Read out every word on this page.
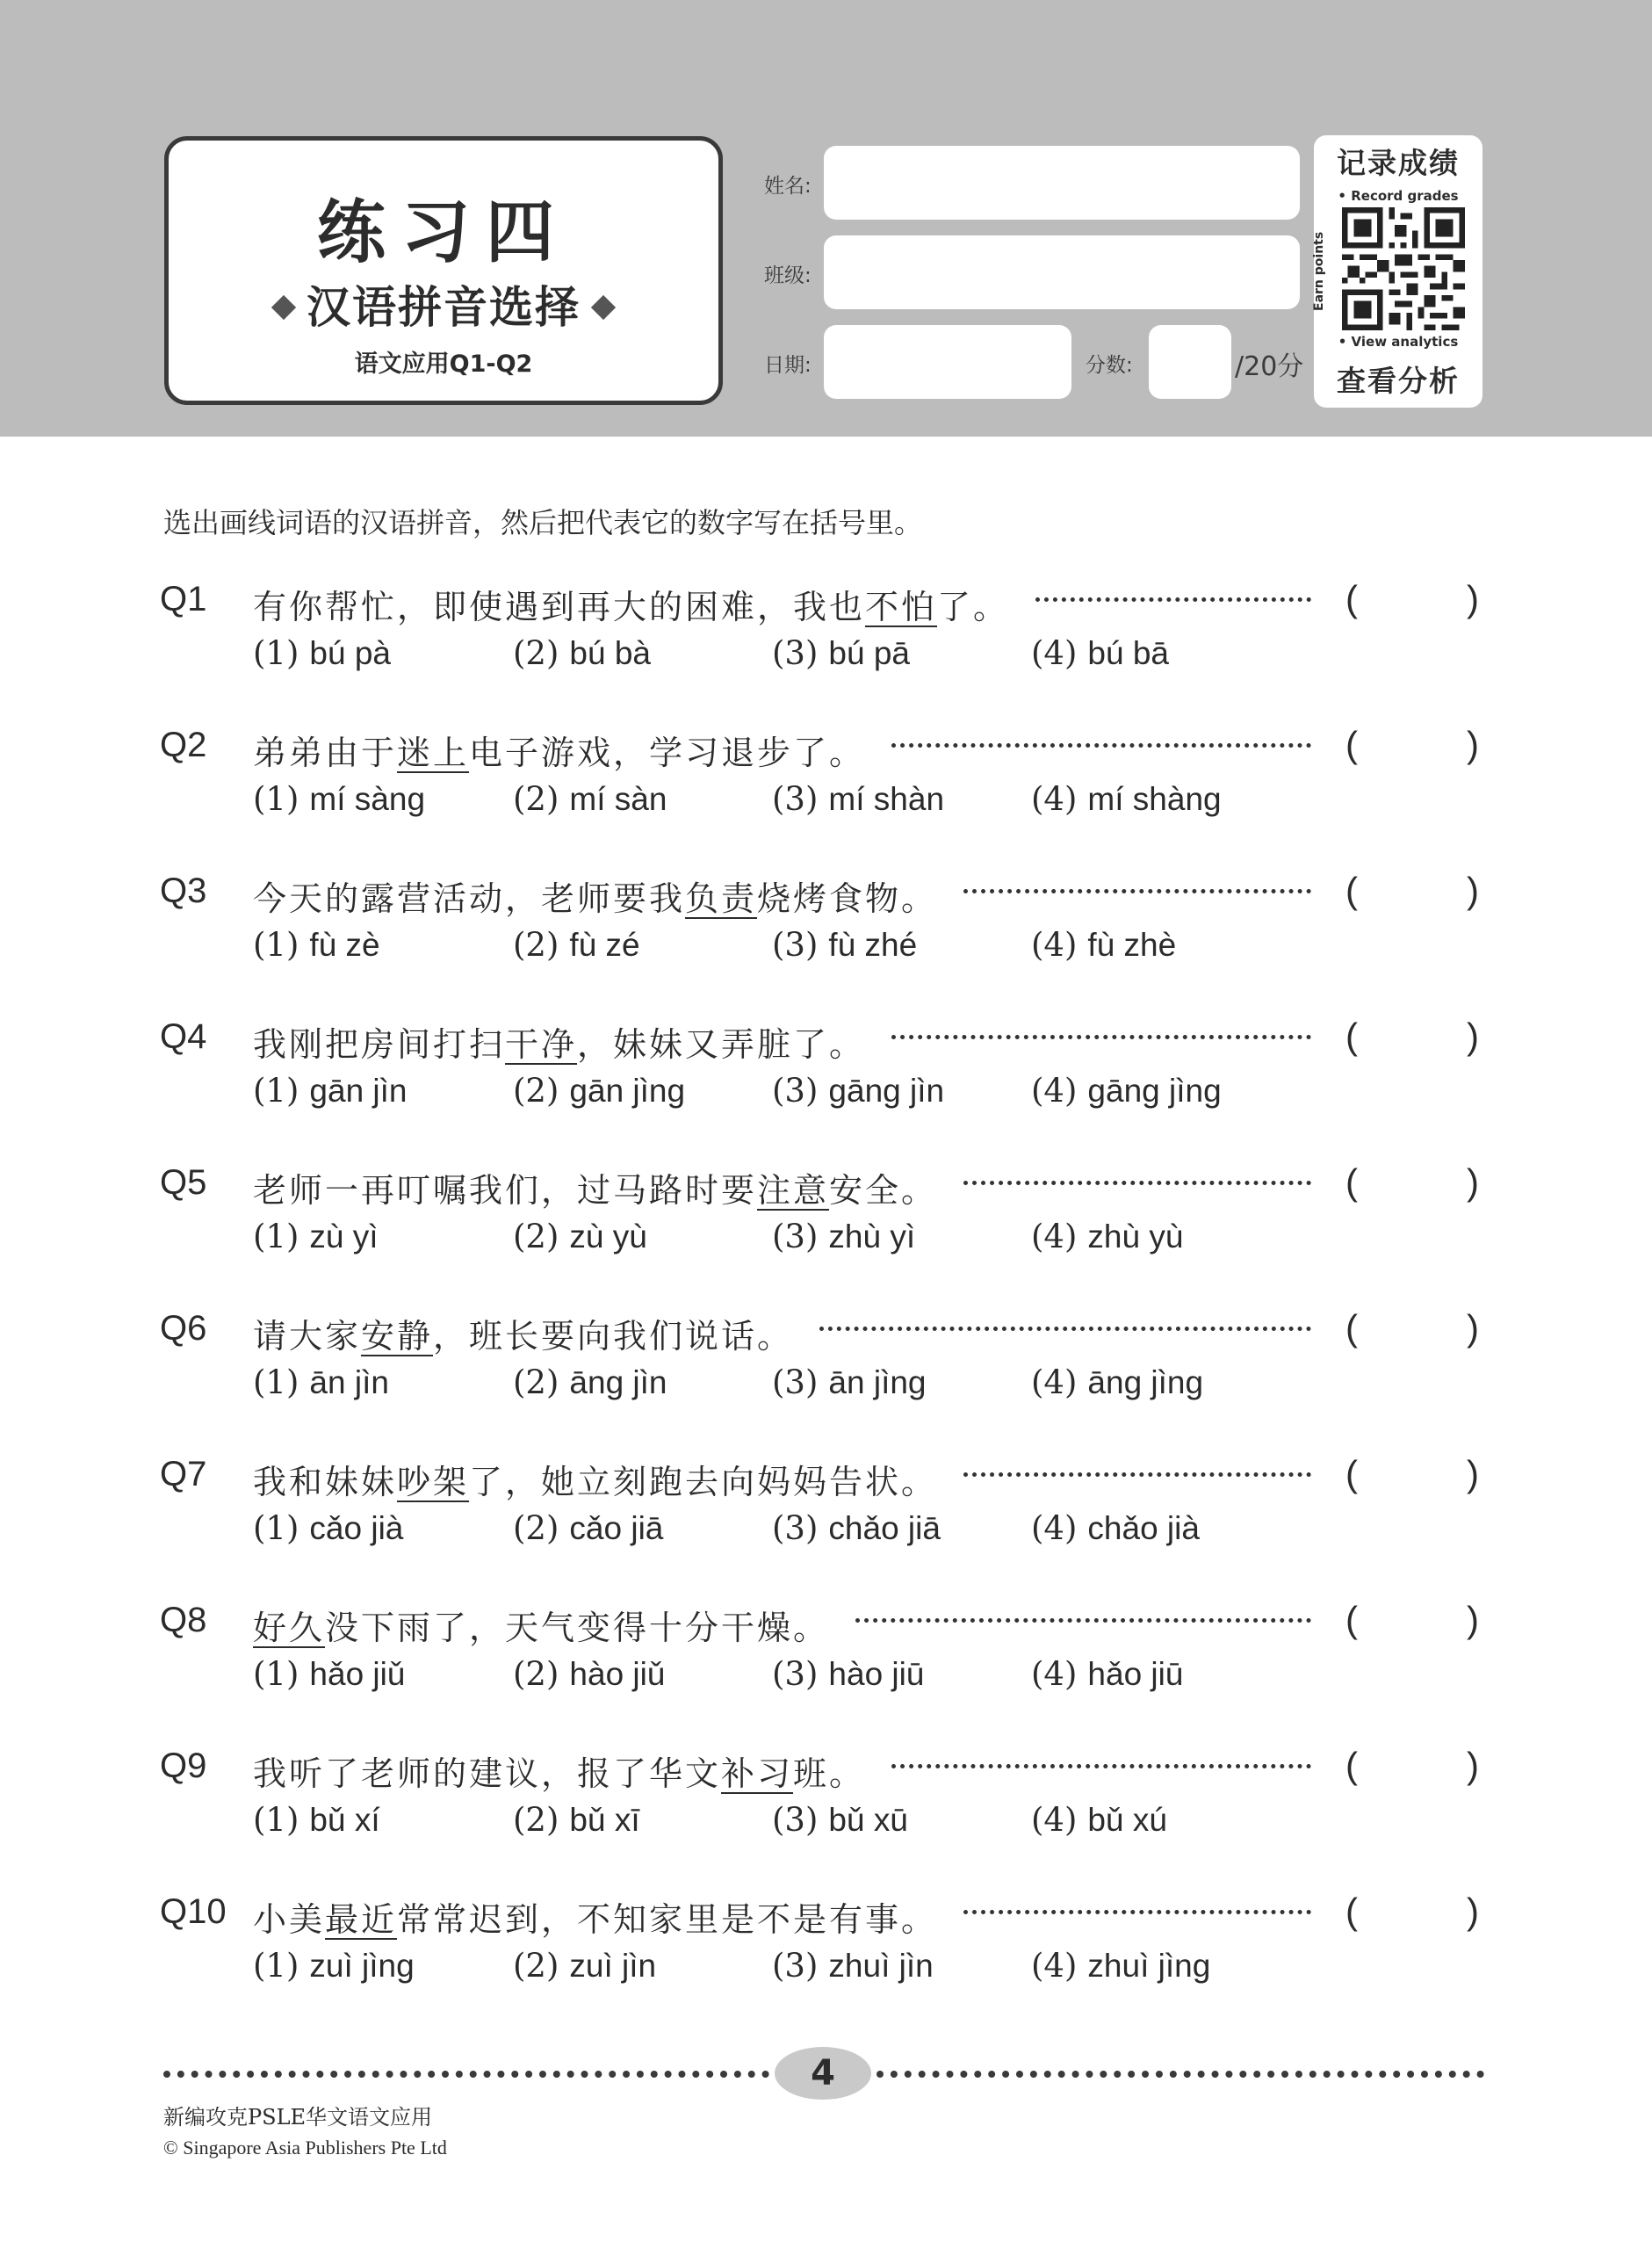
练习四
汉语拼音选择
语文应用Q1-Q2
姓名:
班级:
日期:	分数:	/20分
记录成绩
• Record grades
Earn points
• View analytics
查看分析
选出画线词语的汉语拼音，然后把代表它的数字写在括号里。
Q1 有你帮忙，即使遇到再大的困难，我也不怕了。	(	)
(1) bú pà	(2) bú bà	(3) bú pā	(4) bú bā
Q2 弟弟由于迷上电子游戏，学习退步了。	(	)
(1) mí sàng	(2) mí sàn	(3) mí shàn	(4) mí shàng
Q3 今天的露营活动，老师要我负责烧烤食物。	(	)
(1) fù zè	(2) fù zé	(3) fù zhé	(4) fù zhè
Q4 我刚把房间打扫干净，妹妹又弄脏了。	(	)
(1) gān jìn	(2) gān jìng	(3) gāng jìn	(4) gāng jìng
Q5 老师一再叮嘱我们，过马路时要注意安全。	(	)
(1) zù yì	(2) zù yù	(3) zhù yì	(4) zhù yù
Q6 请大家安静，班长要向我们说话。	(	)
(1) ān jìn	(2) āng jìn	(3) ān jìng	(4) āng jìng
Q7 我和妹妹吵架了，她立刻跑去向妈妈告状。	(	)
(1) cǎo jià	(2) cǎo jiā	(3) chǎo jiā	(4) chǎo jià
Q8 好久没下雨了，天气变得十分干燥。	(	)
(1) hǎo jiǔ	(2) hào jiǔ	(3) hào jiū	(4) hǎo jiū
Q9 我听了老师的建议，报了华文补习班。	(	)
(1) bǔ xí	(2) bǔ xī	(3) bǔ xū	(4) bǔ xú
Q10 小美最近常常迟到，不知家里是不是有事。	(	)
(1) zuì jìng	(2) zuì jìn	(3) zhuì jìn	(4) zhuì jìng
4
新编攻克PSLE华文语文应用
© Singapore Asia Publishers Pte Ltd
